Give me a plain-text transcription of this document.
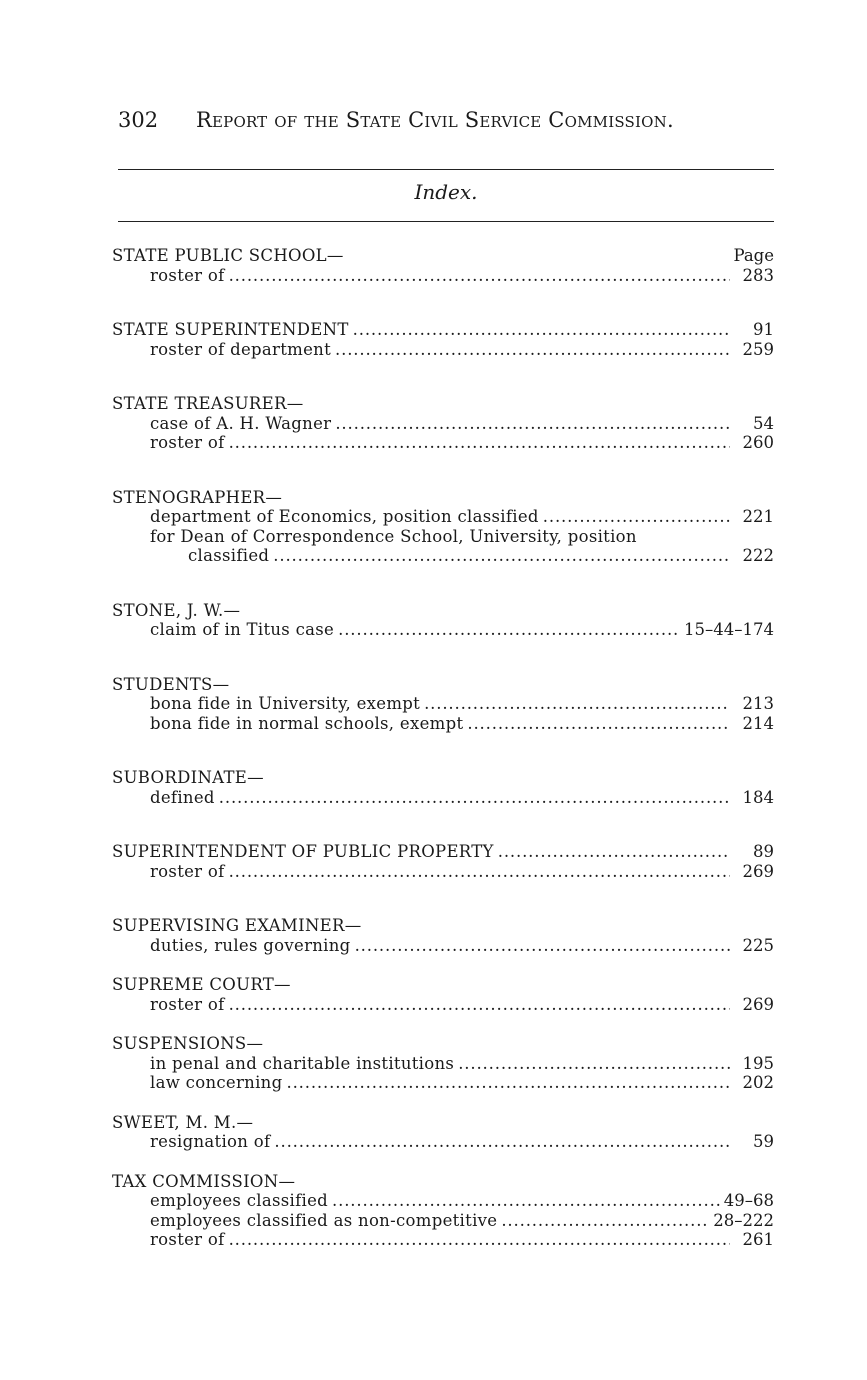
302 Report of the State Civil Service Commission.
Index.
STATE PUBLIC SCHOOL—	Page
roster of . . .	283
STATE SUPERINTENDENT . . .	91
roster of department . . .	259
STATE TREASURER—
case of A. H. Wagner . . .	54
roster of . . .	260
STENOGRAPHER—
department of Economics, position classified . . .	221
for Dean of Correspondence School, University, position
classified . . .	222
STONE, J. W.—
claim of in Titus case . . .	15–44–174
STUDENTS—
bona fide in University, exempt . . .	213
bona fide in normal schools, exempt . . .	214
SUBORDINATE—
defined . . .	184
SUPERINTENDENT OF PUBLIC PROPERTY . . .	89
roster of . . .	269
SUPERVISING EXAMINER—
duties, rules governing . . .	225
SUPREME COURT—
roster of . . .	269
SUSPENSIONS—
in penal and charitable institutions . . .	195
law concerning . . .	202
SWEET, M. M.—
resignation of . . .	59
TAX COMMISSION—
employees classified . . .	49–68
employees classified as non-competitive . . .	28–222
roster of . . .	261
